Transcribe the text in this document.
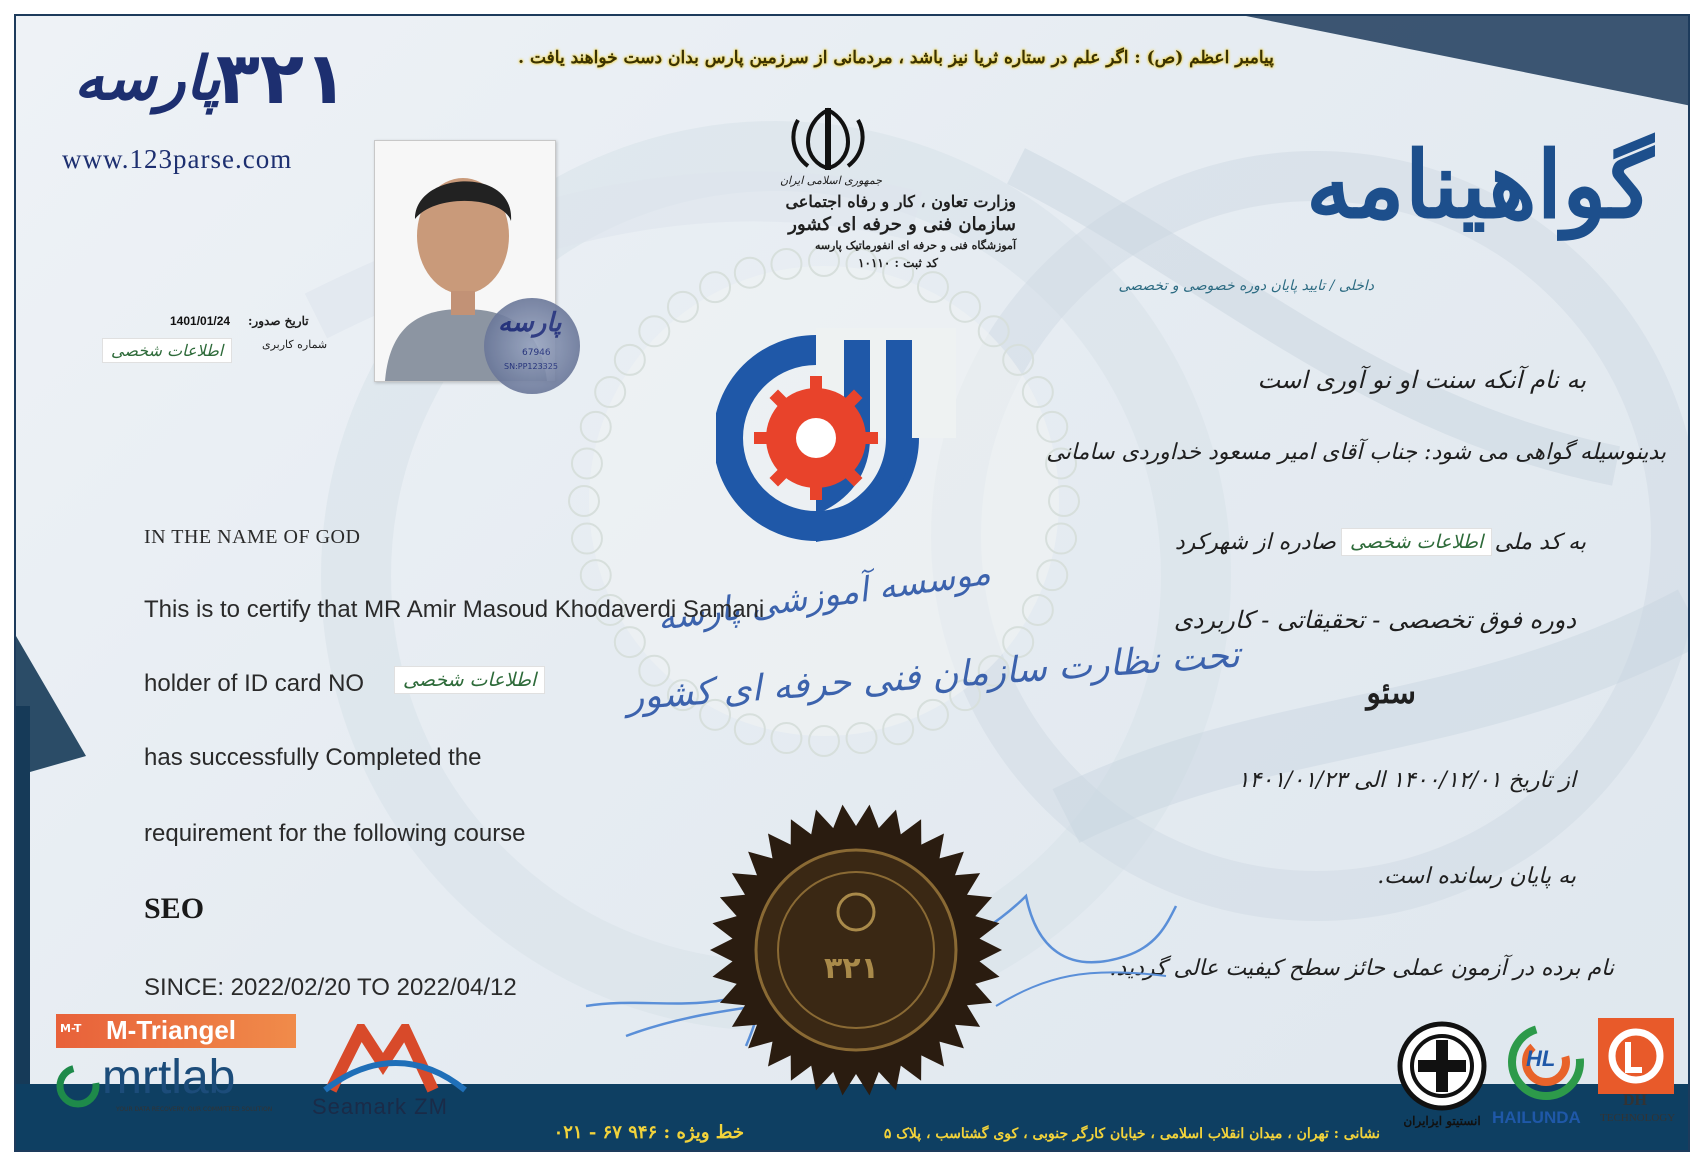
پیامبر اعظم (ص) : اگر علم در ستاره ثریا نیز باشد ، مردمانی از سرزمین پارس بدان دست خواهند یافت .
۳۲۱
پارسه
www.123parse.com
جمهوری اسلامی ایران
وزارت تعاون ، کار و رفاه اجتماعی
سازمان فنی و حرفه ای کشور
آموزشگاه فنی و حرفه ای انفورماتیک پارسه
کد ثبت : ۱۰۱۱۰
پارسه
67946
SN:PP123325
تاریخ صدور:
1401/01/24
شماره کاربری
اطلاعات شخصی
گواهینامه
داخلی / تایید پایان دوره خصوصی و تخصصی
موسسه آموزشی پارسه
تحت نظارت سازمان فنی حرفه ای کشور
IN THE NAME OF GOD
This is to certify that MR Amir Masoud Khodaverdi Samani
holder of ID card NO	اطلاعات شخصی
has successfully Completed the
requirement for the following course
SEO
SINCE: 2022/02/20 TO 2022/04/12
به نام آنکه سنت او نو آوری است
بدینوسیله گواهی می شود: جناب آقای امیر مسعود خداوردی سامانی
به کد ملی
اطلاعات شخصی
صادره از شهرکرد
دوره فوق تخصصی - تحقیقاتی - کاربردی
سئو
از تاریخ ۱۴۰۰/۱۲/۰۱ الی ۱۴۰۱/۰۱/۲۳
به پایان رسانده است.
نام برده در آزمون عملی حائز سطح کیفیت عالی گردید.
۳۲۱
M-T M-Triangel
mrtlab
YOUR DATA RECOVERY, OUR COMMITTED SOLUTION Seamark ZM
انستیتو ایزایران
HL
HAILUNDA
DH
TECHNOLOGY
خط ویژه : ۹۴۶ ۶۷ - ۰۲۱	نشانی : تهران ، میدان انقلاب اسلامی ، خیابان کارگر جنوبی ، کوی گشتاسب ، پلاک ۵
